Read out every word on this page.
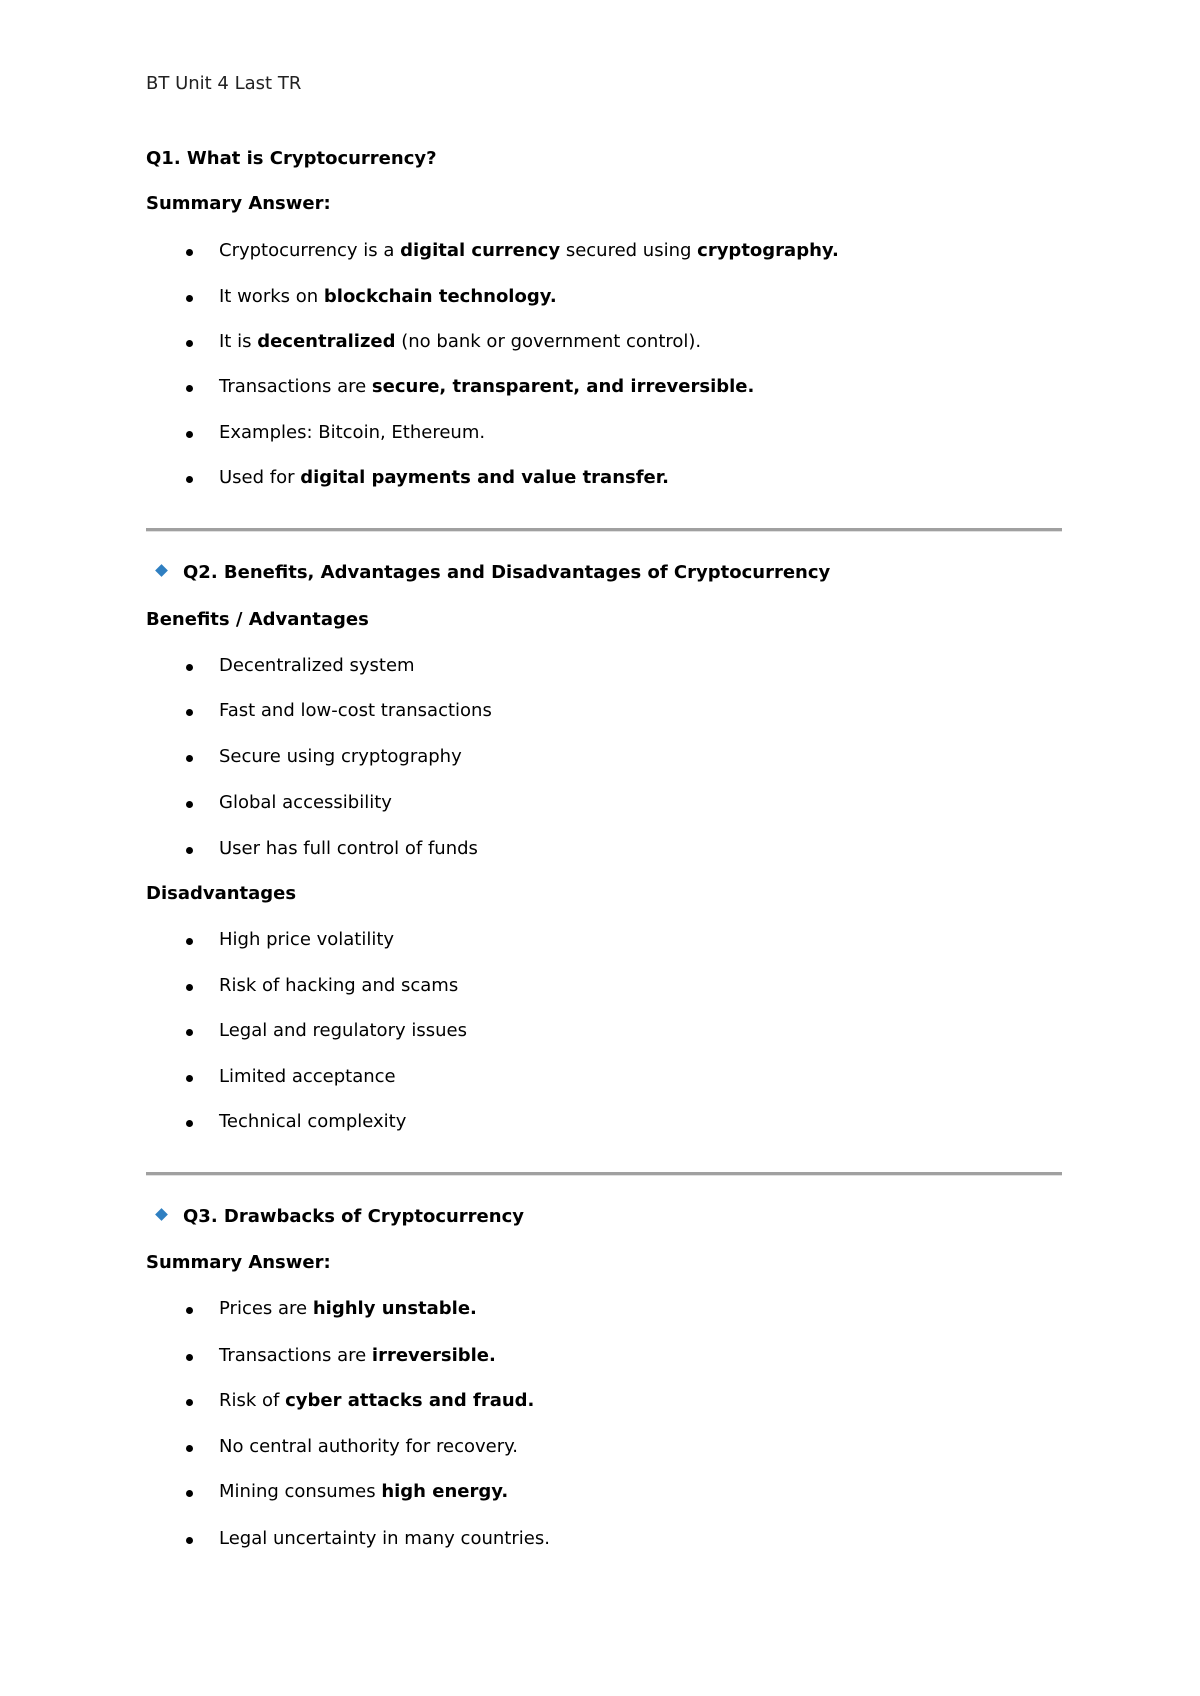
BT Unit 4 Last TR
Q1. What is Cryptocurrency?
Summary Answer:
Cryptocurrency is a digital currency secured using cryptography.
It works on blockchain technology.
It is decentralized (no bank or government control).
Transactions are secure, transparent, and irreversible.
Examples: Bitcoin, Ethereum.
Used for digital payments and value transfer.
Q2. Benefits, Advantages and Disadvantages of Cryptocurrency
Benefits / Advantages
Decentralized system
Fast and low-cost transactions
Secure using cryptography
Global accessibility
User has full control of funds
Disadvantages
High price volatility
Risk of hacking and scams
Legal and regulatory issues
Limited acceptance
Technical complexity
Q3. Drawbacks of Cryptocurrency
Summary Answer:
Prices are highly unstable.
Transactions are irreversible.
Risk of cyber attacks and fraud.
No central authority for recovery.
Mining consumes high energy.
Legal uncertainty in many countries.
